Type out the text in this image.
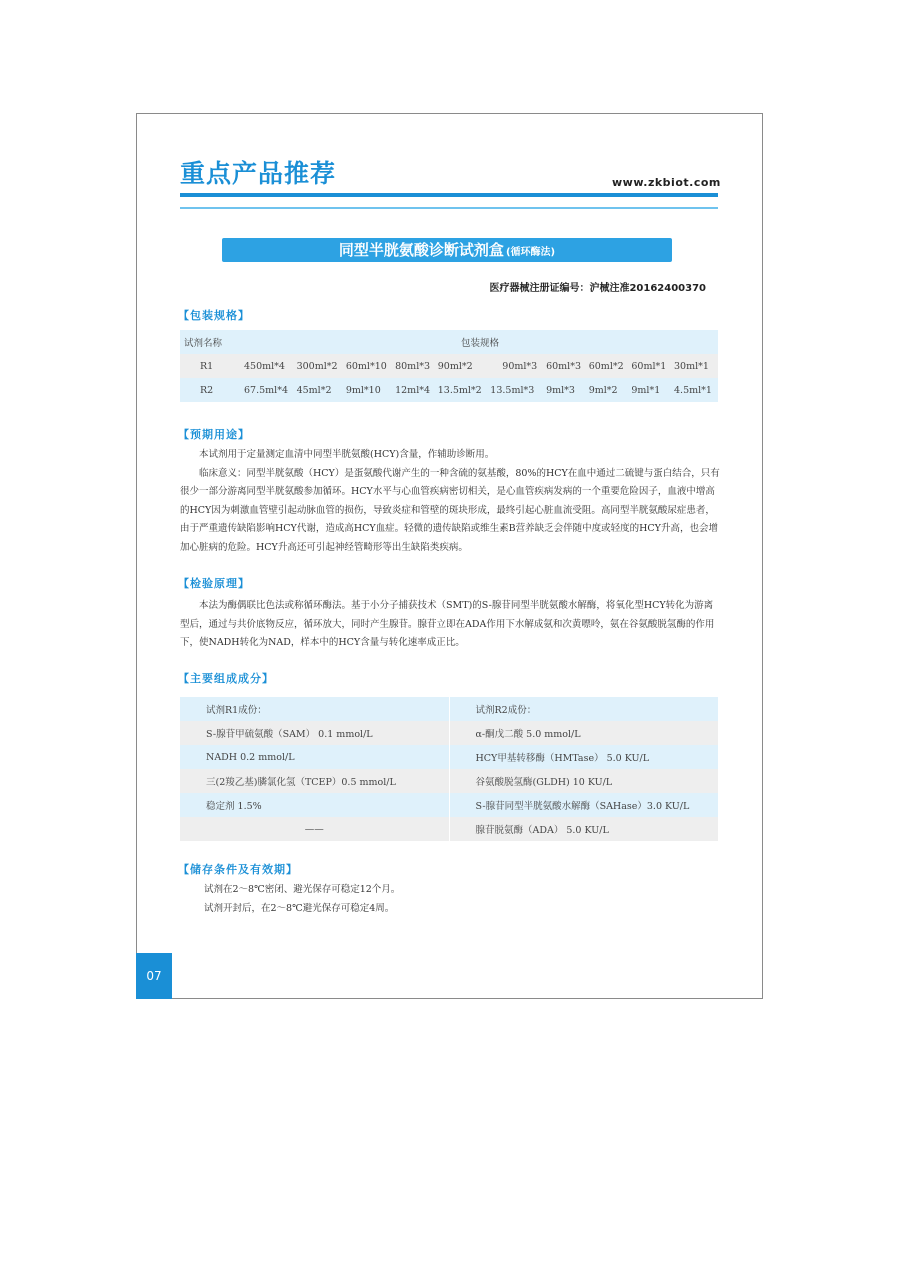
重点产品推荐	www.zkbiot.com
同型半胱氨酸诊断试剂盒 (循环酶法)
医疗器械注册证编号：沪械注准20162400370
【包装规格】
试剂名称	包装规格									
R1	450ml*4	300ml*2	60ml*10	80ml*3	90ml*2	90ml*3	60ml*3	60ml*2	60ml*1	30ml*1
R2	67.5ml*4	45ml*2	9ml*10	12ml*4	13.5ml*2	13.5ml*3	9ml*3	9ml*2	9ml*1	4.5ml*1
【预期用途】

本试剂用于定量测定血清中同型半胱氨酸(HCY)含量，作辅助诊断用。

临床意义：同型半胱氨酸（HCY）是蛋氨酸代谢产生的一种含硫的氨基酸，80%的HCY在血中通过二硫键与蛋白结合，只有很少一部分游离同型半胱氨酸参加循环。HCY水平与心血管疾病密切相关，是心血管疾病发病的一个重要危险因子，血液中增高的HCY因为刺激血管壁引起动脉血管的损伤，导致炎症和管壁的斑块形成，最终引起心脏血流受阻。高同型半胱氨酸尿症患者，由于严重遗传缺陷影响HCY代谢，造成高HCY血症。轻微的遗传缺陷或维生素B营养缺乏会伴随中度或轻度的HCY升高，也会增加心脏病的危险。HCY升高还可引起神经管畸形等出生缺陷类疾病。

【检验原理】

本法为酶偶联比色法或称循环酶法。基于小分子捕获技术（SMT)的S-腺苷同型半胱氨酸水解酶，将氧化型HCY转化为游离型后，通过与共价底物反应，循环放大，同时产生腺苷。腺苷立即在ADA作用下水解成氨和次黄嘌呤，氨在谷氨酸脱氢酶的作用下，使NADH转化为NAD，样本中的HCY含量与转化速率成正比。

【主要组成成分】
试剂R1成份：	试剂R2成份：
S-腺苷甲硫氨酸（SAM） 0.1 mmol/L	α-酮戊二酸 5.0 mmol/L
NADH 0.2 mmol/L	HCY甲基转移酶（HMTase） 5.0 KU/L
三(2羧乙基)膦氯化氢（TCEP）0.5 mmol/L	谷氨酸脱氢酶(GLDH) 10 KU/L
稳定剂 1.5%	S-腺苷同型半胱氨酸水解酶（SAHase）3.0 KU/L
——	腺苷脱氨酶（ADA） 5.0 KU/L
【储存条件及有效期】

试剂在2～8℃密闭、避光保存可稳定12个月。

试剂开封后，在2～8℃避光保存可稳定4周。

07
